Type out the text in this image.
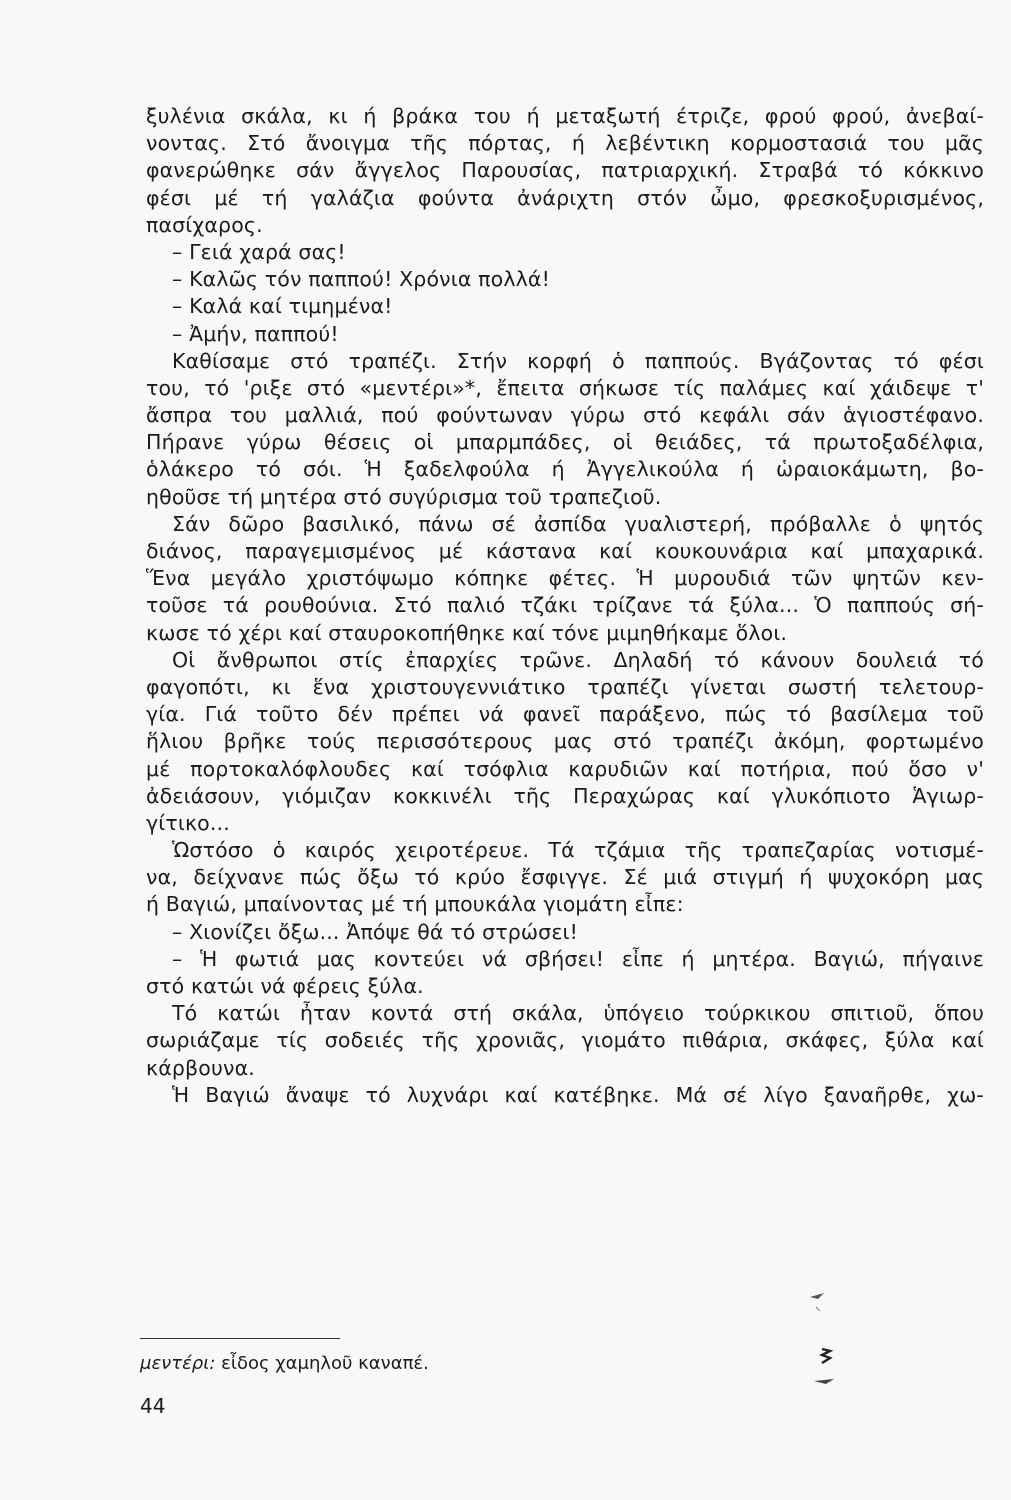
ξυλένια σκάλα, κι ή βράκα του ή μεταξωτή έτριζε, φρού φρού, ἀνεβαί-
νοντας. Στό ἄνοιγμα τῆς πόρτας, ή λεβέντικη κορμοστασιά του μᾶς
φανερώθηκε σάν ἄγγελος Παρουσίας, πατριαρχική. Στραβά τό κόκκινο
φέσι μέ τή γαλάζια φούντα ἀνάριχτη στόν ὦμο, φρεσκοξυρισμένος,
πασίχαρος.
– Γειά χαρά σας!
– Καλῶς τόν παππού! Χρόνια πολλά!
– Καλά καί τιμημένα!
– Ἀμήν, παππού!
Καθίσαμε στό τραπέζι. Στήν κορφή ὁ παππούς. Βγάζοντας τό φέσι
του, τό 'ριξε στό «μεντέρι»*, ἔπειτα σήκωσε τίς παλάμες καί χάιδεψε τ'
ἄσπρα του μαλλιά, πού φούντωναν γύρω στό κεφάλι σάν ἁγιοστέφανο.
Πήρανε γύρω θέσεις οἱ μπαρμπάδες, οἱ θειάδες, τά πρωτοξαδέλφια,
ὁλάκερο τό σόι. Ἡ ξαδελφούλα ή Ἀγγελικούλα ή ὡραιοκάμωτη, βο-
ηθοῦσε τή μητέρα στό συγύρισμα τοῦ τραπεζιοῦ.
Σάν δῶρο βασιλικό, πάνω σέ ἀσπίδα γυαλιστερή, πρόβαλλε ὁ ψητός
διάνος, παραγεμισμένος μέ κάστανα καί κουκουνάρια καί μπαχαρικά.
Ἕνα μεγάλο χριστόψωμο κόπηκε φέτες. Ἡ μυρουδιά τῶν ψητῶν κεν-
τοῦσε τά ρουθούνια. Στό παλιό τζάκι τρίζανε τά ξύλα... Ὁ παππούς σή-
κωσε τό χέρι καί σταυροκοπήθηκε καί τόνε μιμηθήκαμε ὅλοι.
Οἱ ἄνθρωποι στίς ἐπαρχίες τρῶνε. Δηλαδή τό κάνουν δουλειά τό
φαγοπότι, κι ἕνα χριστουγεννιάτικο τραπέζι γίνεται σωστή τελετουρ-
γία. Γιά τοῦτο δέν πρέπει νά φανεῖ παράξενο, πώς τό βασίλεμα τοῦ
ἥλιου βρῆκε τούς περισσότερους μας στό τραπέζι ἀκόμη, φορτωμένο
μέ πορτοκαλόφλουδες καί τσόφλια καρυδιῶν καί ποτήρια, πού ὅσο ν'
ἀδειάσουν, γιόμιζαν κοκκινέλι τῆς Περαχώρας καί γλυκόπιοτο Ἁγιωρ-
γίτικο...
Ὡστόσο ὁ καιρός χειροτέρευε. Τά τζάμια τῆς τραπεζαρίας νοτισμέ-
να, δείχνανε πώς ὄξω τό κρύο ἔσφιγγε. Σέ μιά στιγμή ή ψυχοκόρη μας
ή Βαγιώ, μπαίνοντας μέ τή μπουκάλα γιομάτη εἶπε:
– Χιονίζει ὄξω... Ἀπόψε θά τό στρώσει!
– Ἡ φωτιά μας κοντεύει νά σβήσει! εἶπε ή μητέρα. Βαγιώ, πήγαινε
στό κατώι νά φέρεις ξύλα.
Τό κατώι ἦταν κοντά στή σκάλα, ὑπόγειο τούρκικου σπιτιοῦ, ὅπου
σωριάζαμε τίς σοδειές τῆς χρονιᾶς, γιομάτο πιθάρια, σκάφες, ξύλα καί
κάρβουνα.
Ἡ Βαγιώ ἄναψε τό λυχνάρι καί κατέβηκε. Μά σέ λίγο ξαναῆρθε, χω-
μεντέρι: εἶδος χαμηλοῦ καναπέ.
44
